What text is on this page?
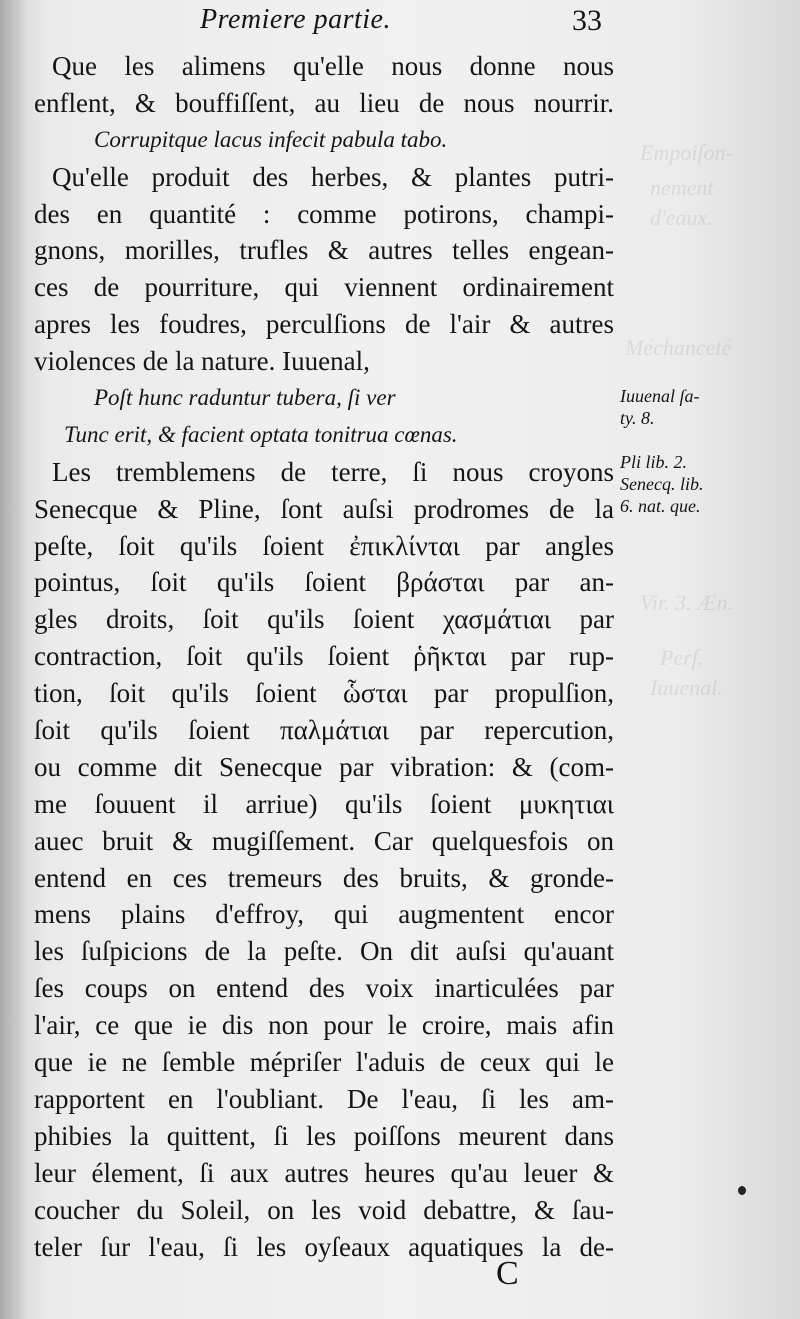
Empoiſon-
nement
d'eaux.
Méchanceté
Vir. 3. Æn.
Perſ.
Iuuenal.
Premiere partie.	33
Que les alimens qu'elle nous donne nous
enflent, & bouffiſſent, au lieu de nous nourrir.
Corrupitque lacus infecit pabula tabo.
Qu'elle produit des herbes, & plantes putri-
des en quantité : comme potirons, champi-
gnons, morilles, trufles & autres telles engean-
ces de pourriture, qui viennent ordinairement
apres les foudres, perculſions de l'air & autres
violences de la nature. Iuuenal,
Poſt hunc raduntur tubera, ſi ver
Tunc erit, & facient optata tonitrua cœnas.
Les tremblemens de terre, ſi nous croyons
Senecque & Pline, ſont auſsi prodromes de la
peſte, ſoit qu'ils ſoient ἐπικλίνται par angles
pointus, ſoit qu'ils ſoient βράσται par an-
gles droits, ſoit qu'ils ſoient χασμάτιαι par
contraction, ſoit qu'ils ſoient ῥῆκται par rup-
tion, ſoit qu'ils ſoient ὧσται par propulſion,
ſoit qu'ils ſoient παλμάτιαι par repercution,
ou comme dit Senecque par vibration: & (com-
me ſouuent il arriue) qu'ils ſoient μυκητιαι
auec bruit & mugiſſement. Car quelquesfois on
entend en ces tremeurs des bruits, & gronde-
mens plains d'effroy, qui augmentent encor
les ſuſpicions de la peſte. On dit auſsi qu'auant
ſes coups on entend des voix inarticulées par
l'air, ce que ie dis non pour le croire, mais afin
que ie ne ſemble mépriſer l'aduis de ceux qui le
rapportent en l'oubliant. De l'eau, ſi les am-
phibies la quittent, ſi les poiſſons meurent dans
leur élement, ſi aux autres heures qu'au leuer &
coucher du Soleil, on les void debattre, & ſau-
teler ſur l'eau, ſi les oyſeaux aquatiques la de-
Iuuenal ſa-
ty. 8.
Pli lib. 2.
Senecq. lib.
6. nat. que.
C
